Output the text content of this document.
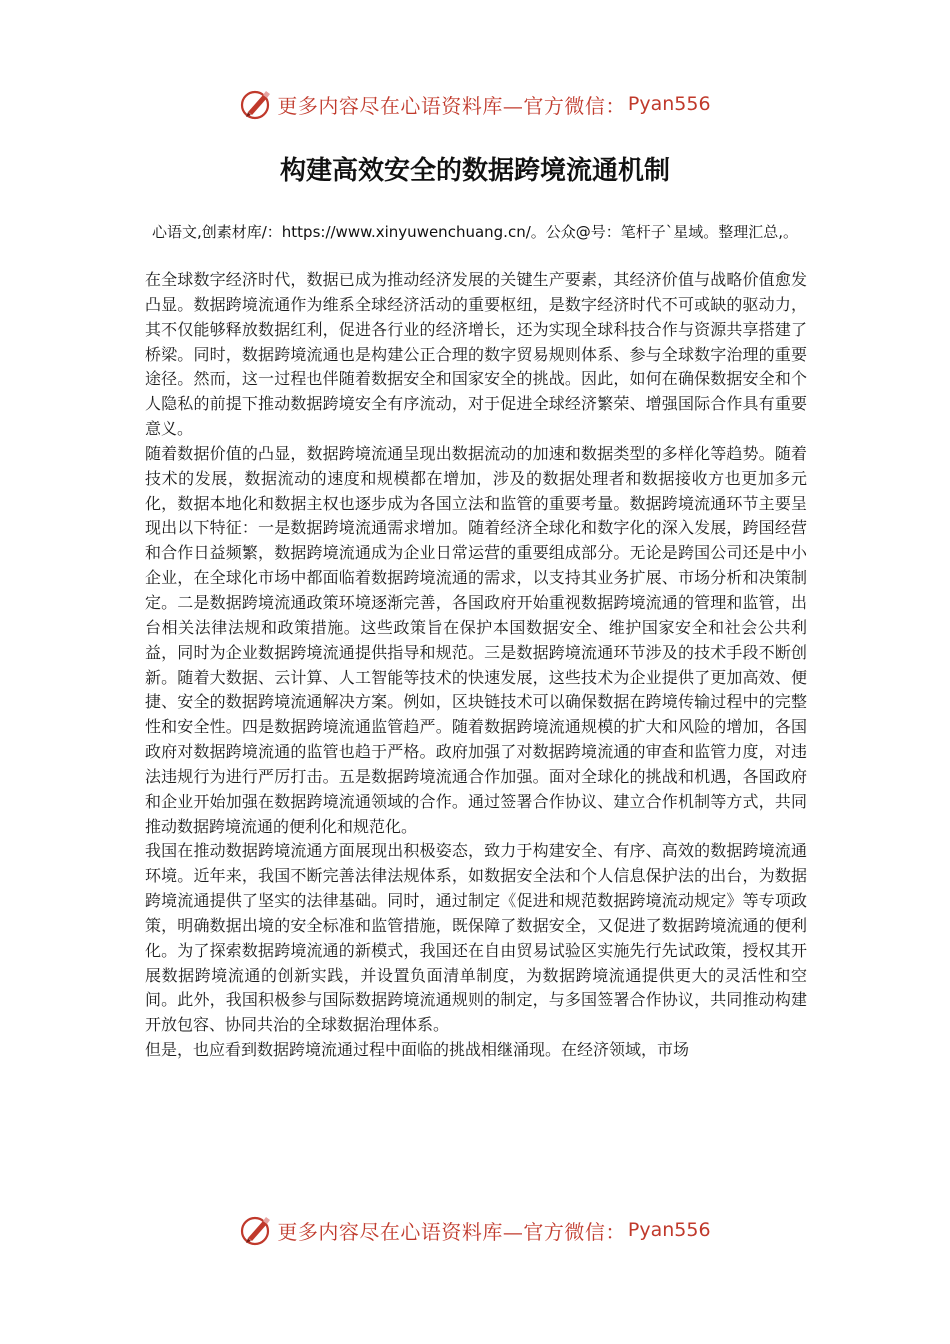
更多内容尽在心语资料库—官方微信： Pyan556
构建高效安全的数据跨境流通机制

心语文,创素材库/：https://www.xinyuwenchuang.cn/。公众@号：笔杆子`星域。整理汇总,。

在全球数字经济时代，数据已成为推动经济发展的关键生产要素，其经济价值与战略价值愈发凸显。数据跨境流通作为维系全球经济活动的重要枢纽，是数字经济时代不可或缺的驱动力，其不仅能够释放数据红利，促进各行业的经济增长，还为实现全球科技合作与资源共享搭建了桥梁。同时，数据跨境流通也是构建公正合理的数字贸易规则体系、参与全球数字治理的重要途径。然而，这一过程也伴随着数据安全和国家安全的挑战。因此，如何在确保数据安全和个人隐私的前提下推动数据跨境安全有序流动，对于促进全球经济繁荣、增强国际合作具有重要意义。

随着数据价值的凸显，数据跨境流通呈现出数据流动的加速和数据类型的多样化等趋势。随着技术的发展，数据流动的速度和规模都在增加，涉及的数据处理者和数据接收方也更加多元化，数据本地化和数据主权也逐步成为各国立法和监管的重要考量。数据跨境流通环节主要呈现出以下特征：一是数据跨境流通需求增加。随着经济全球化和数字化的深入发展，跨国经营和合作日益频繁，数据跨境流通成为企业日常运营的重要组成部分。无论是跨国公司还是中小企业，在全球化市场中都面临着数据跨境流通的需求，以支持其业务扩展、市场分析和决策制定。二是数据跨境流通政策环境逐渐完善，各国政府开始重视数据跨境流通的管理和监管，出台相关法律法规和政策措施。这些政策旨在保护本国数据安全、维护国家安全和社会公共利益，同时为企业数据跨境流通提供指导和规范。三是数据跨境流通环节涉及的技术手段不断创新。随着大数据、云计算、人工智能等技术的快速发展，这些技术为企业提供了更加高效、便捷、安全的数据跨境流通解决方案。例如，区块链技术可以确保数据在跨境传输过程中的完整性和安全性。四是数据跨境流通监管趋严。随着数据跨境流通规模的扩大和风险的增加，各国政府对数据跨境流通的监管也趋于严格。政府加强了对数据跨境流通的审查和监管力度，对违法违规行为进行严厉打击。五是数据跨境流通合作加强。面对全球化的挑战和机遇，各国政府和企业开始加强在数据跨境流通领域的合作。通过签署合作协议、建立合作机制等方式，共同推动数据跨境流通的便利化和规范化。

我国在推动数据跨境流通方面展现出积极姿态，致力于构建安全、有序、高效的数据跨境流通环境。近年来，我国不断完善法律法规体系，如数据安全法和个人信息保护法的出台，为数据跨境流通提供了坚实的法律基础。同时，通过制定《促进和规范数据跨境流动规定》等专项政策，明确数据出境的安全标准和监管措施，既保障了数据安全，又促进了数据跨境流通的便利化。为了探索数据跨境流通的新模式，我国还在自由贸易试验区实施先行先试政策，授权其开展数据跨境流通的创新实践，并设置负面清单制度，为数据跨境流通提供更大的灵活性和空间。此外，我国积极参与国际数据跨境流通规则的制定，与多国签署合作协议，共同推动构建开放包容、协同共治的全球数据治理体系。

但是，也应看到数据跨境流通过程中面临的挑战相继涌现。在经济领域，市场

更多内容尽在心语资料库—官方微信： Pyan556
